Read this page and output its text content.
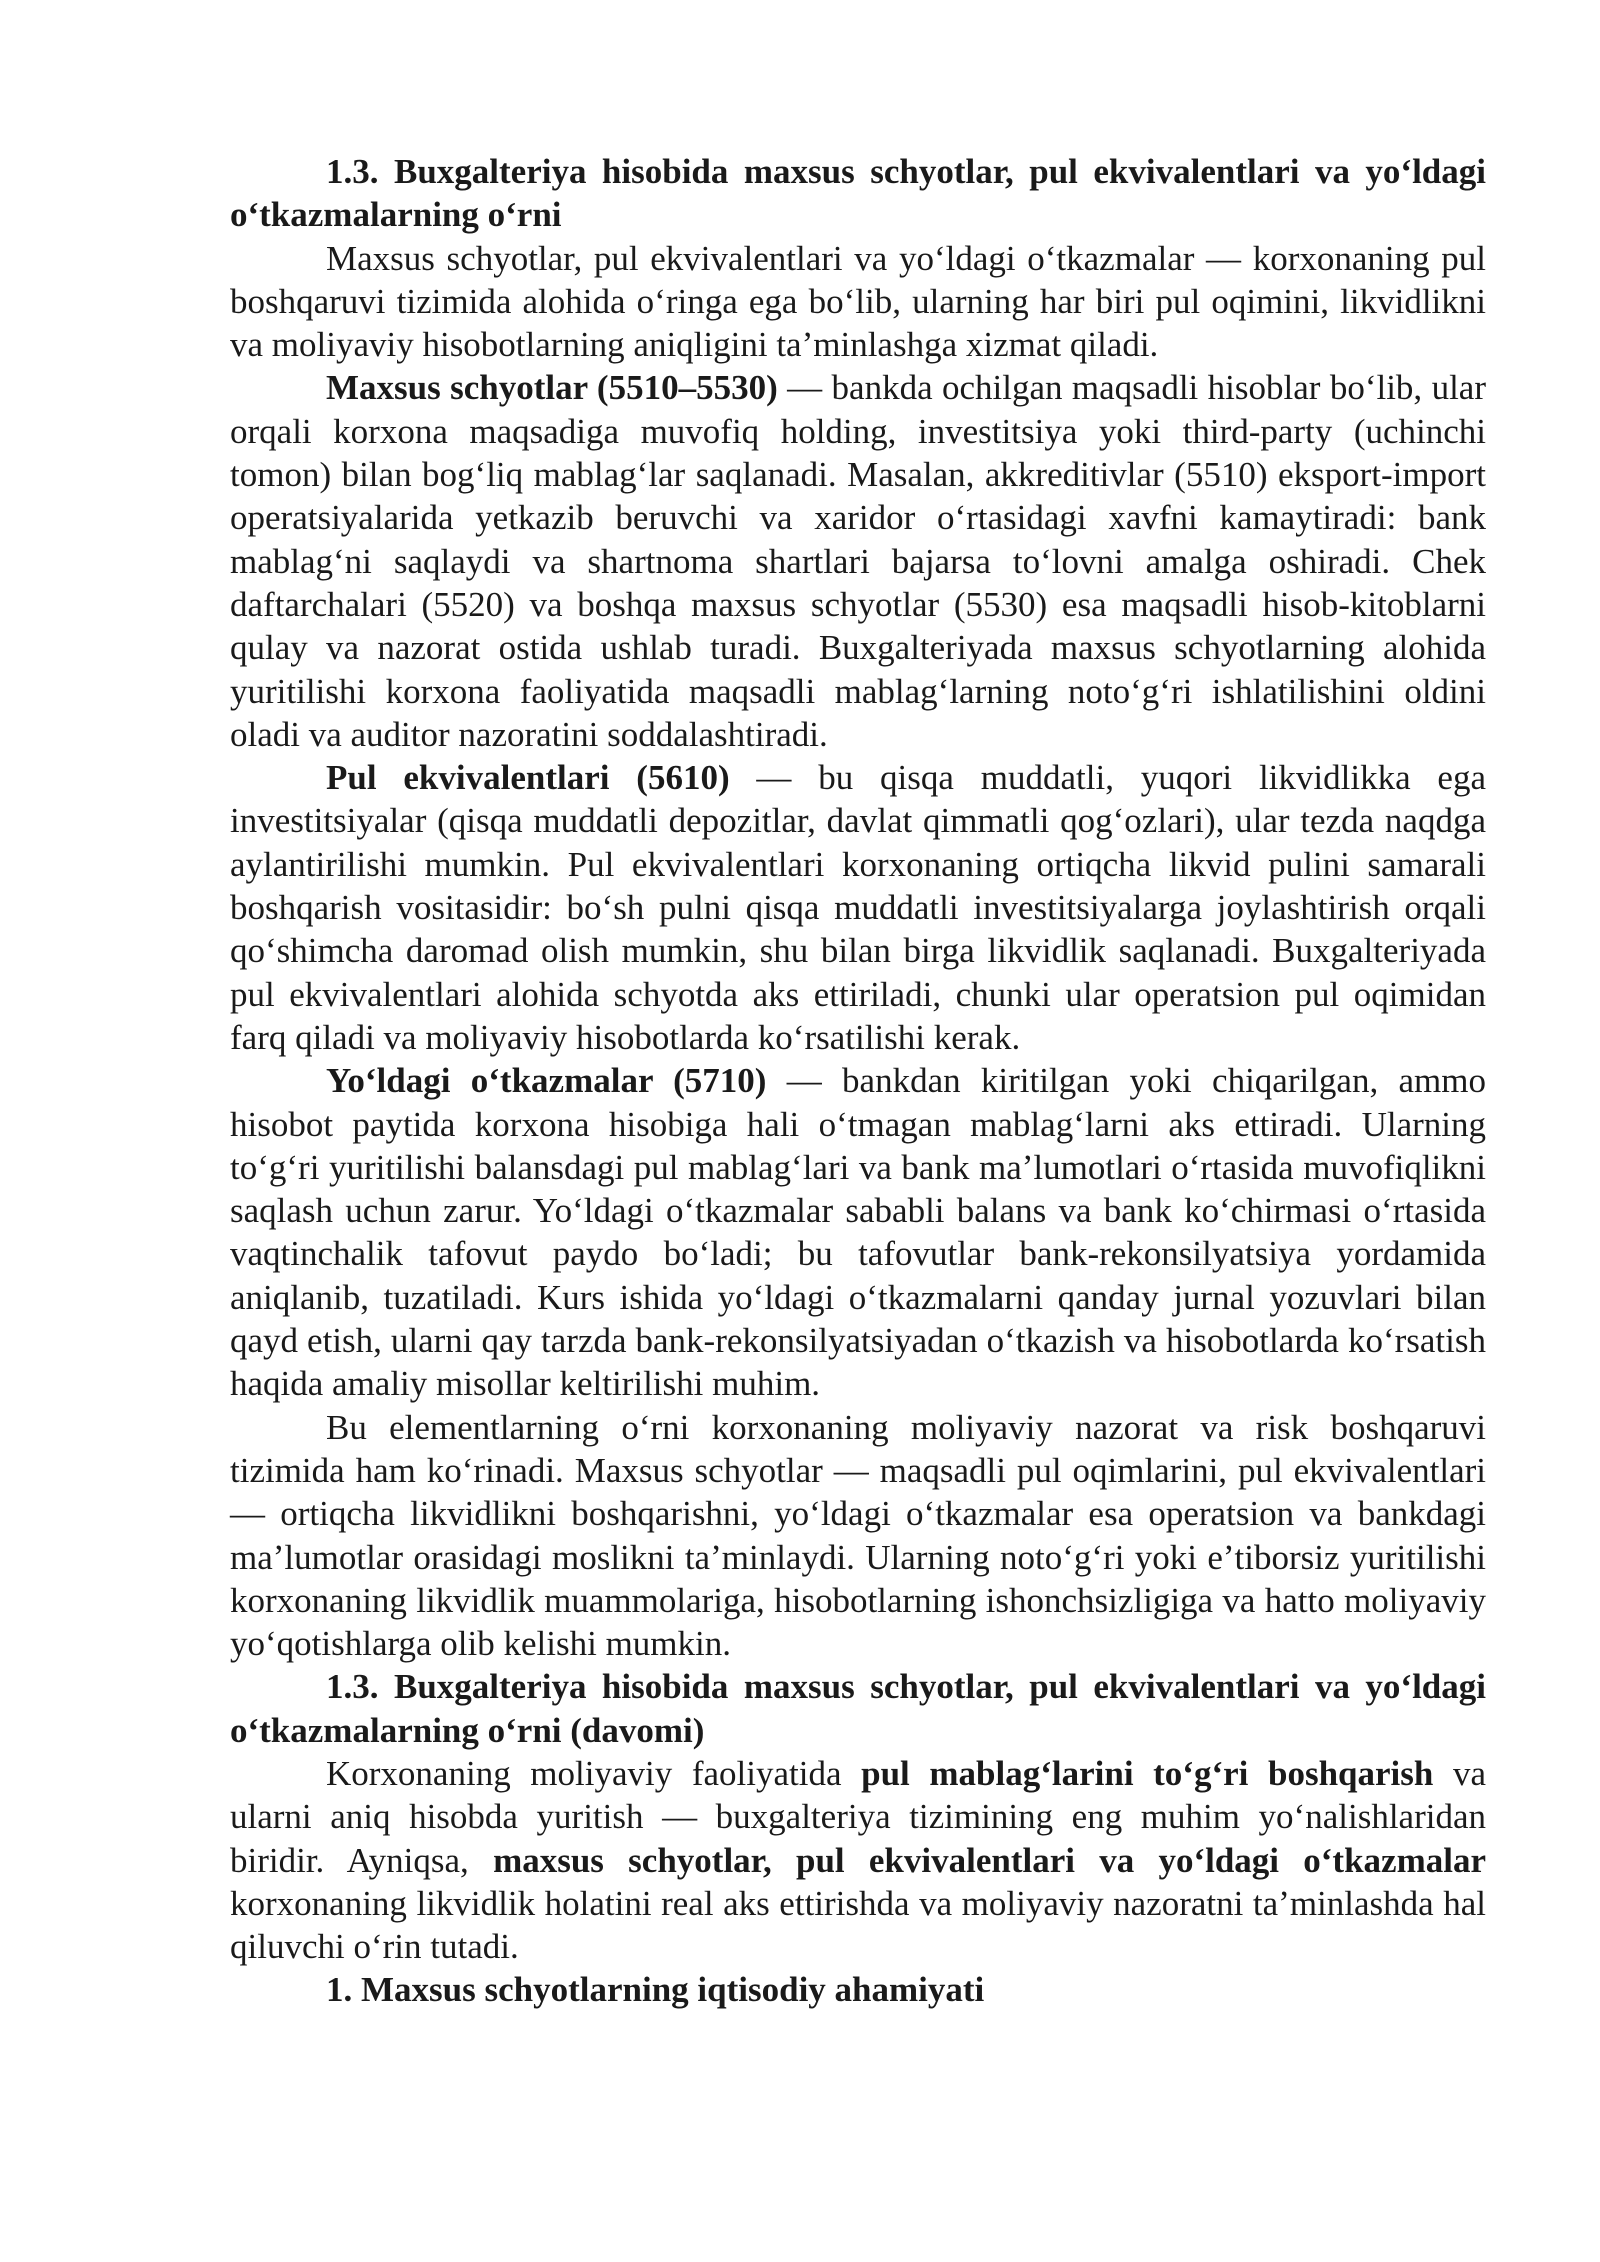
1.3. Buxgalteriya hisobida maxsus schyotlar, pul ekvivalentlari va yoʻldagi oʻtkazmalarning oʻrni

Maxsus schyotlar, pul ekvivalentlari va yoʻldagi oʻtkazmalar — korxonaning pul boshqaruvi tizimida alohida oʻringa ega boʻlib, ularning har biri pul oqimini, likvidlikni va moliyaviy hisobotlarning aniqligini taʼminlashga xizmat qiladi.

Maxsus schyotlar (5510–5530) — bankda ochilgan maqsadli hisoblar boʻlib, ular orqali korxona maqsadiga muvofiq holding, investitsiya yoki third-party (uchinchi tomon) bilan bogʻliq mablagʻlar saqlanadi. Masalan, akkreditivlar (5510) eksport-import operatsiyalarida yetkazib beruvchi va xaridor oʻrtasidagi xavfni kamaytiradi: bank mablagʻni saqlaydi va shartnoma shartlari bajarsa toʻlovni amalga oshiradi. Chek daftarchalari (5520) va boshqa maxsus schyotlar (5530) esa maqsadli hisob-kitoblarni qulay va nazorat ostida ushlab turadi. Buxgalteriyada maxsus schyotlarning alohida yuritilishi korxona faoliyatida maqsadli mablagʻlarning notoʻgʻri ishlatilishini oldini oladi va auditor nazoratini soddalashtiradi.

Pul ekvivalentlari (5610) — bu qisqa muddatli, yuqori likvidlikka ega investitsiyalar (qisqa muddatli depozitlar, davlat qimmatli qogʻozlari), ular tezda naqdga aylantirilishi mumkin. Pul ekvivalentlari korxonaning ortiqcha likvid pulini samarali boshqarish vositasidir: boʻsh pulni qisqa muddatli investitsiyalarga joylashtirish orqali qoʻshimcha daromad olish mumkin, shu bilan birga likvidlik saqlanadi. Buxgalteriyada pul ekvivalentlari alohida schyotda aks ettiriladi, chunki ular operatsion pul oqimidan farq qiladi va moliyaviy hisobotlarda koʻrsatilishi kerak.

Yoʻldagi oʻtkazmalar (5710) — bankdan kiritilgan yoki chiqarilgan, ammo hisobot paytida korxona hisobiga hali oʻtmagan mablagʻlarni aks ettiradi. Ularning toʻgʻri yuritilishi balansdagi pul mablagʻlari va bank maʼlumotlari oʻrtasida muvofiqlikni saqlash uchun zarur. Yoʻldagi oʻtkazmalar sababli balans va bank koʻchirmasi oʻrtasida vaqtinchalik tafovut paydo boʻladi; bu tafovutlar bank-rekonsilyatsiya yordamida aniqlanib, tuzatiladi. Kurs ishida yoʻldagi oʻtkazmalarni qanday jurnal yozuvlari bilan qayd etish, ularni qay tarzda bank-rekonsilyatsiyadan oʻtkazish va hisobotlarda koʻrsatish haqida amaliy misollar keltirilishi muhim.

Bu elementlarning oʻrni korxonaning moliyaviy nazorat va risk boshqaruvi tizimida ham koʻrinadi. Maxsus schyotlar — maqsadli pul oqimlarini, pul ekvivalentlari — ortiqcha likvidlikni boshqarishni, yoʻldagi oʻtkazmalar esa operatsion va bankdagi maʼlumotlar orasidagi moslikni taʼminlaydi. Ularning notoʻgʻri yoki eʼtiborsiz yuritilishi korxonaning likvidlik muammolariga, hisobotlarning ishonchsizligiga va hatto moliyaviy yoʻqotishlarga olib kelishi mumkin.

1.3. Buxgalteriya hisobida maxsus schyotlar, pul ekvivalentlari va yoʻldagi oʻtkazmalarning oʻrni (davomi)

Korxonaning moliyaviy faoliyatida pul mablagʻlarini toʻgʻri boshqarish va ularni aniq hisobda yuritish — buxgalteriya tizimining eng muhim yoʻnalishlaridan biridir. Ayniqsa, maxsus schyotlar, pul ekvivalentlari va yoʻldagi oʻtkazmalar korxonaning likvidlik holatini real aks ettirishda va moliyaviy nazoratni taʼminlashda hal qiluvchi oʻrin tutadi.

1. Maxsus schyotlarning iqtisodiy ahamiyati
